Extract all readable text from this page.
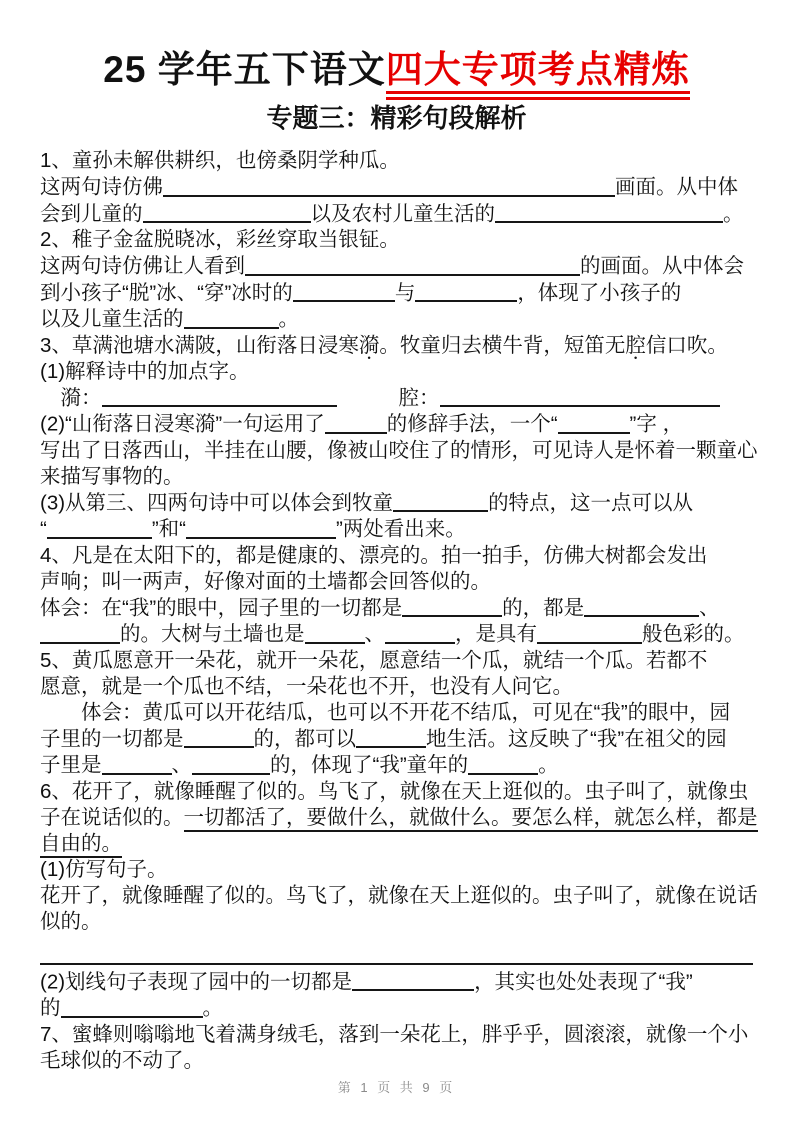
25 学年五下语文四大专项考点精炼
专题三：精彩句段解析
1、童孙未解供耕织，也傍桑阴学种瓜。
这两句诗仿佛	画面。从中体
会到儿童的	以及农村儿童生活的	。
2、稚子金盆脱晓冰，彩丝穿取当银钲。
这两句诗仿佛让人看到	的画面。从中体会
到小孩子“脱”冰、“穿”冰时的	与	，体现了小孩子的
以及儿童生活的	。
3、草满池塘水满陂，山衔落日浸寒漪。牧童归去横牛背，短笛无腔信口吹。
(1)解释诗中的加点字。
　漪：	腔：
(2)“山衔落日浸寒漪”一句运用了	的修辞手法，一个“	”字 ，
写出了日落西山，半挂在山腰，像被山咬住了的情形，可见诗人是怀着一颗童心
来描写事物的。
(3)从第三、四两句诗中可以体会到牧童	的特点，这一点可以从
“	”和“	”两处看出来。
4、凡是在太阳下的，都是健康的、漂亮的。拍一拍手，仿佛大树都会发出
声响；叫一两声，好像对面的土墙都会回答似的。
体会：在“我”的眼中，园子里的一切都是	的，都是	、
的。大树与土墙也是	、	，是具有	般色彩的。
5、黄瓜愿意开一朵花，就开一朵花，愿意结一个瓜，就结一个瓜。若都不
愿意，就是一个瓜也不结，一朵花也不开，也没有人问它。
　　体会：黄瓜可以开花结瓜，也可以不开花不结瓜，可见在“我”的眼中，园
子里的一切都是	的，都可以	地生活。这反映了“我”在祖父的园
子里是	、	的，体现了“我”童年的	。
6、花开了，就像睡醒了似的。鸟飞了，就像在天上逛似的。虫子叫了，就像虫
子在说话似的。一切都活了，要做什么，就做什么。要怎么样，就怎么样，都是
自由的。
(1)仿写句子。
花开了，就像睡醒了似的。鸟飞了，就像在天上逛似的。虫子叫了，就像在说话
似的。
(2)划线句子表现了园中的一切都是	，其实也处处表现了“我”
的	。
7、蜜蜂则嗡嗡地飞着满身绒毛，落到一朵花上，胖乎乎，圆滚滚，就像一个小
毛球似的不动了。
第 1 页 共 9 页
